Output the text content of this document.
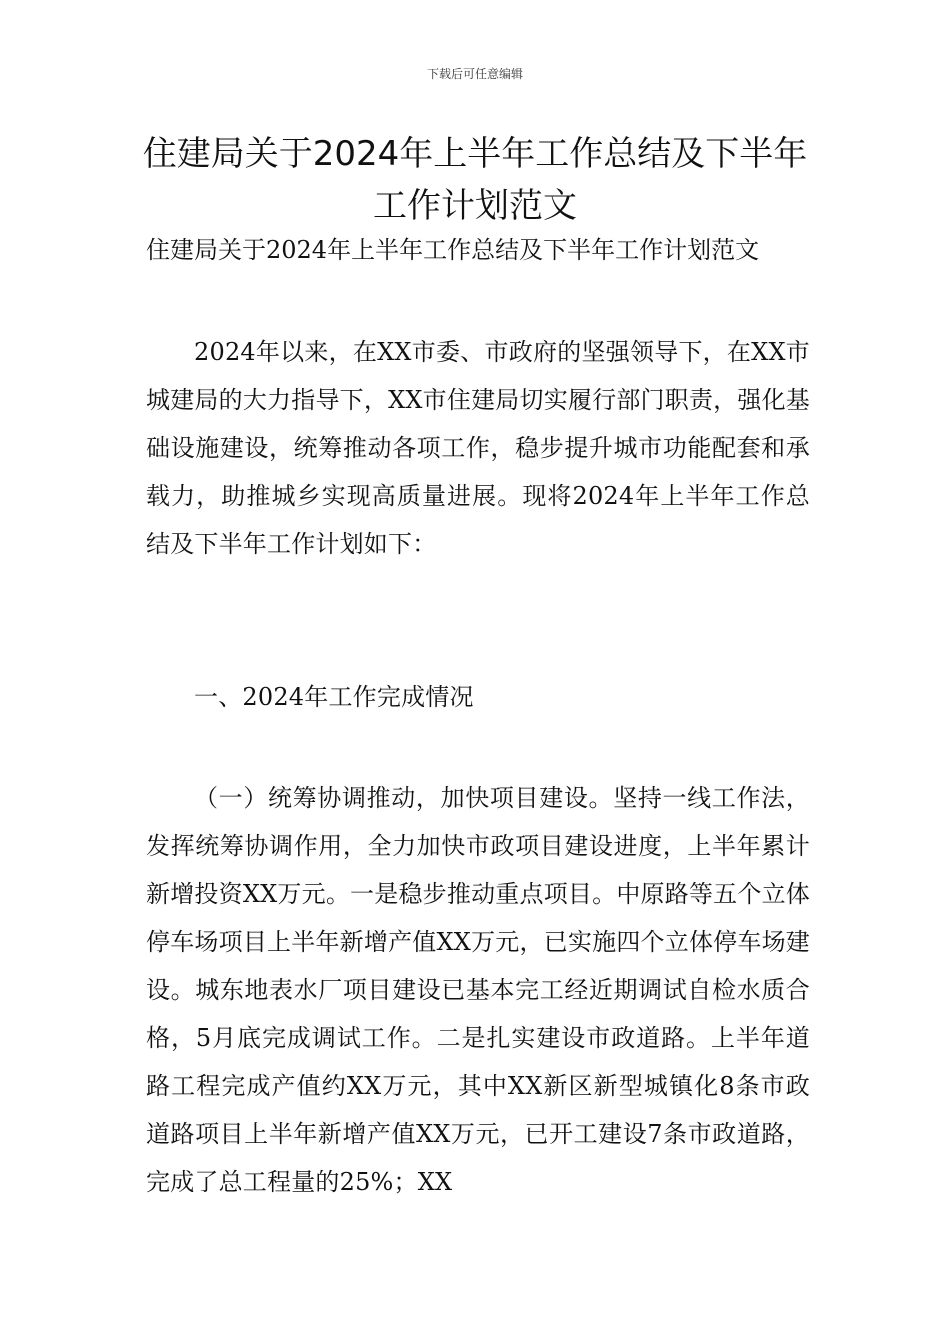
下载后可任意编辑
住建局关于2024年上半年工作总结及下半年工作计划范文
住建局关于2024年上半年工作总结及下半年工作计划范文
2024年以来，在XX市委、市政府的坚强领导下，在XX市城建局的大力指导下，XX市住建局切实履行部门职责，强化基础设施建设，统筹推动各项工作，稳步提升城市功能配套和承载力，助推城乡实现高质量进展。现将2024年上半年工作总结及下半年工作计划如下：
一、2024年工作完成情况
（一）统筹协调推动，加快项目建设。坚持一线工作法，发挥统筹协调作用，全力加快市政项目建设进度，上半年累计新增投资XX万元。一是稳步推动重点项目。中原路等五个立体停车场项目上半年新增产值XX万元，已实施四个立体停车场建设。城东地表水厂项目建设已基本完工经近期调试自检水质合格，5月底完成调试工作。二是扎实建设市政道路。上半年道路工程完成产值约XX万元，其中XX新区新型城镇化8条市政道路项目上半年新增产值XX万元，已开工建设7条市政道路，完成了总工程量的25%；XX
